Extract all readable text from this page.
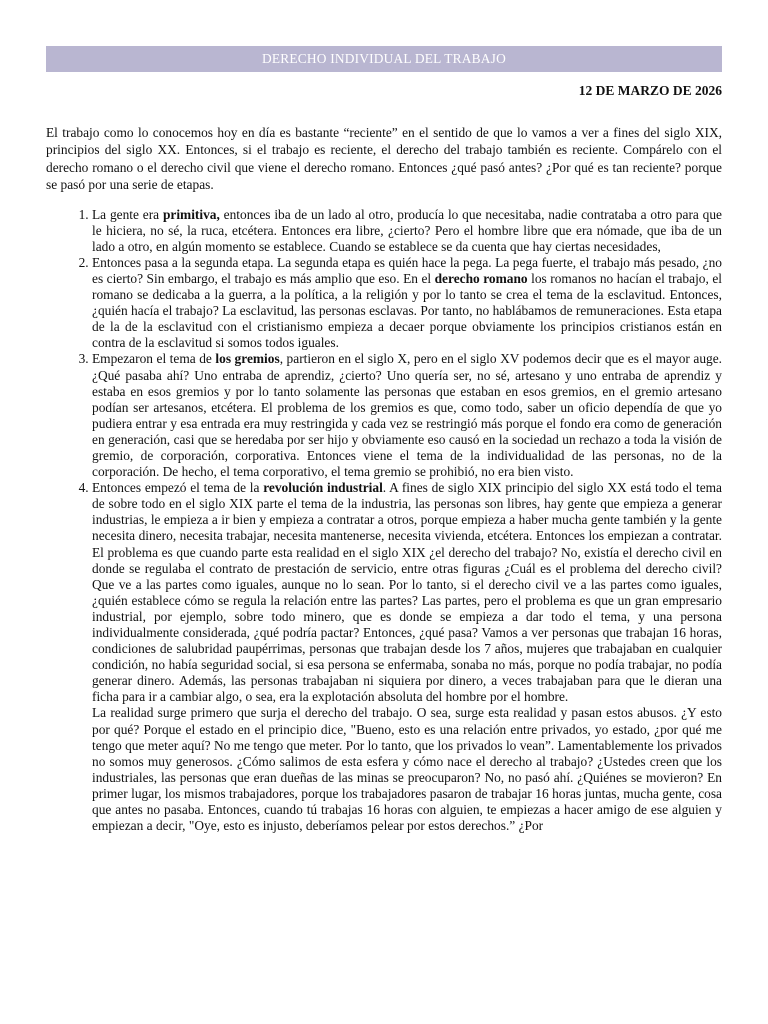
DERECHO INDIVIDUAL DEL TRABAJO
12 DE MARZO DE 2026

El trabajo como lo conocemos hoy en día es bastante “reciente” en el sentido de que lo vamos a ver a fines del siglo XIX, principios del siglo XX. Entonces, si el trabajo es reciente, el derecho del trabajo también es reciente. Compárelo con el derecho romano o el derecho civil que viene el derecho romano. Entonces ¿qué pasó antes? ¿Por qué es tan reciente? porque se pasó por una serie de etapas.

1. La gente era primitiva, entonces iba de un lado al otro, producía lo que necesitaba, nadie contrataba a otro para que le hiciera, no sé, la ruca, etcétera. Entonces era libre, ¿cierto? Pero el hombre libre que era nómade, que iba de un lado a otro, en algún momento se establece. Cuando se establece se da cuenta que hay ciertas necesidades,
2. Entonces pasa a la segunda etapa. La segunda etapa es quién hace la pega. La pega fuerte, el trabajo más pesado, ¿no es cierto? Sin embargo, el trabajo es más amplio que eso. En el derecho romano los romanos no hacían el trabajo, el romano se dedicaba a la guerra, a la política, a la religión y por lo tanto se crea el tema de la esclavitud. Entonces, ¿quién hacía el trabajo? La esclavitud, las personas esclavas. Por tanto, no hablábamos de remuneraciones. Esta etapa de la de la esclavitud con el cristianismo empieza a decaer porque obviamente los principios cristianos están en contra de la esclavitud si somos todos iguales.
3. Empezaron el tema de los gremios, partieron en el siglo X, pero en el siglo XV podemos decir que es el mayor auge. ¿Qué pasaba ahí? Uno entraba de aprendiz, ¿cierto? Uno quería ser, no sé, artesano y uno entraba de aprendiz y estaba en esos gremios y por lo tanto solamente las personas que estaban en esos gremios, en el gremio artesano podían ser artesanos, etcétera. El problema de los gremios es que, como todo, saber un oficio dependía de que yo pudiera entrar y esa entrada era muy restringida y cada vez se restringió más porque el fondo era como de generación en generación, casi que se heredaba por ser hijo y obviamente eso causó en la sociedad un rechazo a toda la visión de gremio, de corporación, corporativa. Entonces viene el tema de la individualidad de las personas, no de la corporación. De hecho, el tema corporativo, el tema gremio se prohibió, no era bien visto.
4. Entonces empezó el tema de la revolución industrial. A fines de siglo XIX principio del siglo XX está todo el tema de sobre todo en el siglo XIX parte el tema de la industria, las personas son libres, hay gente que empieza a generar industrias, le empieza a ir bien y empieza a contratar a otros, porque empieza a haber mucha gente también y la gente necesita dinero, necesita trabajar, necesita mantenerse, necesita vivienda, etcétera. Entonces los empiezan a contratar. El problema es que cuando parte esta realidad en el siglo XIX ¿el derecho del trabajo? No, existía el derecho civil en donde se regulaba el contrato de prestación de servicio, entre otras figuras ¿Cuál es el problema del derecho civil? Que ve a las partes como iguales, aunque no lo sean. Por lo tanto, si el derecho civil ve a las partes como iguales, ¿quién establece cómo se regula la relación entre las partes? Las partes, pero el problema es que un gran empresario industrial, por ejemplo, sobre todo minero, que es donde se empieza a dar todo el tema, y una persona individualmente considerada, ¿qué podría pactar? Entonces, ¿qué pasa? Vamos a ver personas que trabajan 16 horas, condiciones de salubridad paupérrimas, personas que trabajan desde los 7 años, mujeres que trabajaban en cualquier condición, no había seguridad social, si esa persona se enfermaba, sonaba no más, porque no podía trabajar, no podía generar dinero. Además, las personas trabajaban ni siquiera por dinero, a veces trabajaban para que le dieran una ficha para ir a cambiar algo, o sea, era la explotación absoluta del hombre por el hombre.

La realidad surge primero que surja el derecho del trabajo. O sea, surge esta realidad y pasan estos abusos. ¿Y esto por qué? Porque el estado en el principio dice, "Bueno, esto es una relación entre privados, yo estado, ¿por qué me tengo que meter aquí? No me tengo que meter. Por lo tanto, que los privados lo vean”. Lamentablemente los privados no somos muy generosos. ¿Cómo salimos de esta esfera y cómo nace el derecho al trabajo? ¿Ustedes creen que los industriales, las personas que eran dueñas de las minas se preocuparon? No, no pasó ahí. ¿Quiénes se movieron? En primer lugar, los mismos trabajadores, porque los trabajadores pasaron de trabajar 16 horas juntas, mucha gente, cosa que antes no pasaba. Entonces, cuando tú trabajas 16 horas con alguien, te empiezas a hacer amigo de ese alguien y empiezan a decir, "Oye, esto es injusto, deberíamos pelear por estos derechos.” ¿Por
